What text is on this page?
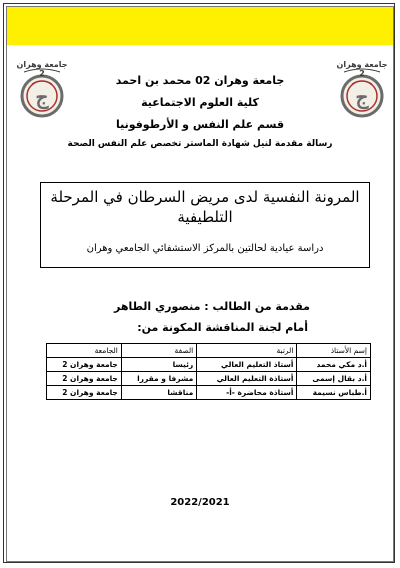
ج
جامعة وهران 2
ج
جامعة وهران 2
جامعة وهران 02 محمد بن احمد
كلية العلوم الاجتماعية
قسم علم النفس و الأرطوفونيا
رسالة مقدمة لنيل شهادة الماستر تخصص علم النفس الصحة
المرونة النفسية لدى مريض السرطان في المرحلة التلطيفية
دراسة عيادية لحالتين بالمركز الاستشفائي الجامعي وهران
مقدمة من الطالب : منصوري الطاهر
أمام لجنة المناقشة المكونة من:
إسم الأستاذ	الرتبة	الصفة	الجامعة
أ.د مكي محمد	أستاذ التعليم العالي	رئيسا	جامعة وهران 2
أ.د بقال إسمى	أستاذة التعليم العالي	مشرفا و مقررا	جامعة وهران 2
أ.طباس نسيمة	أستاذة محاضرة -أ-	مناقشا	جامعة وهران 2
2022/2021
